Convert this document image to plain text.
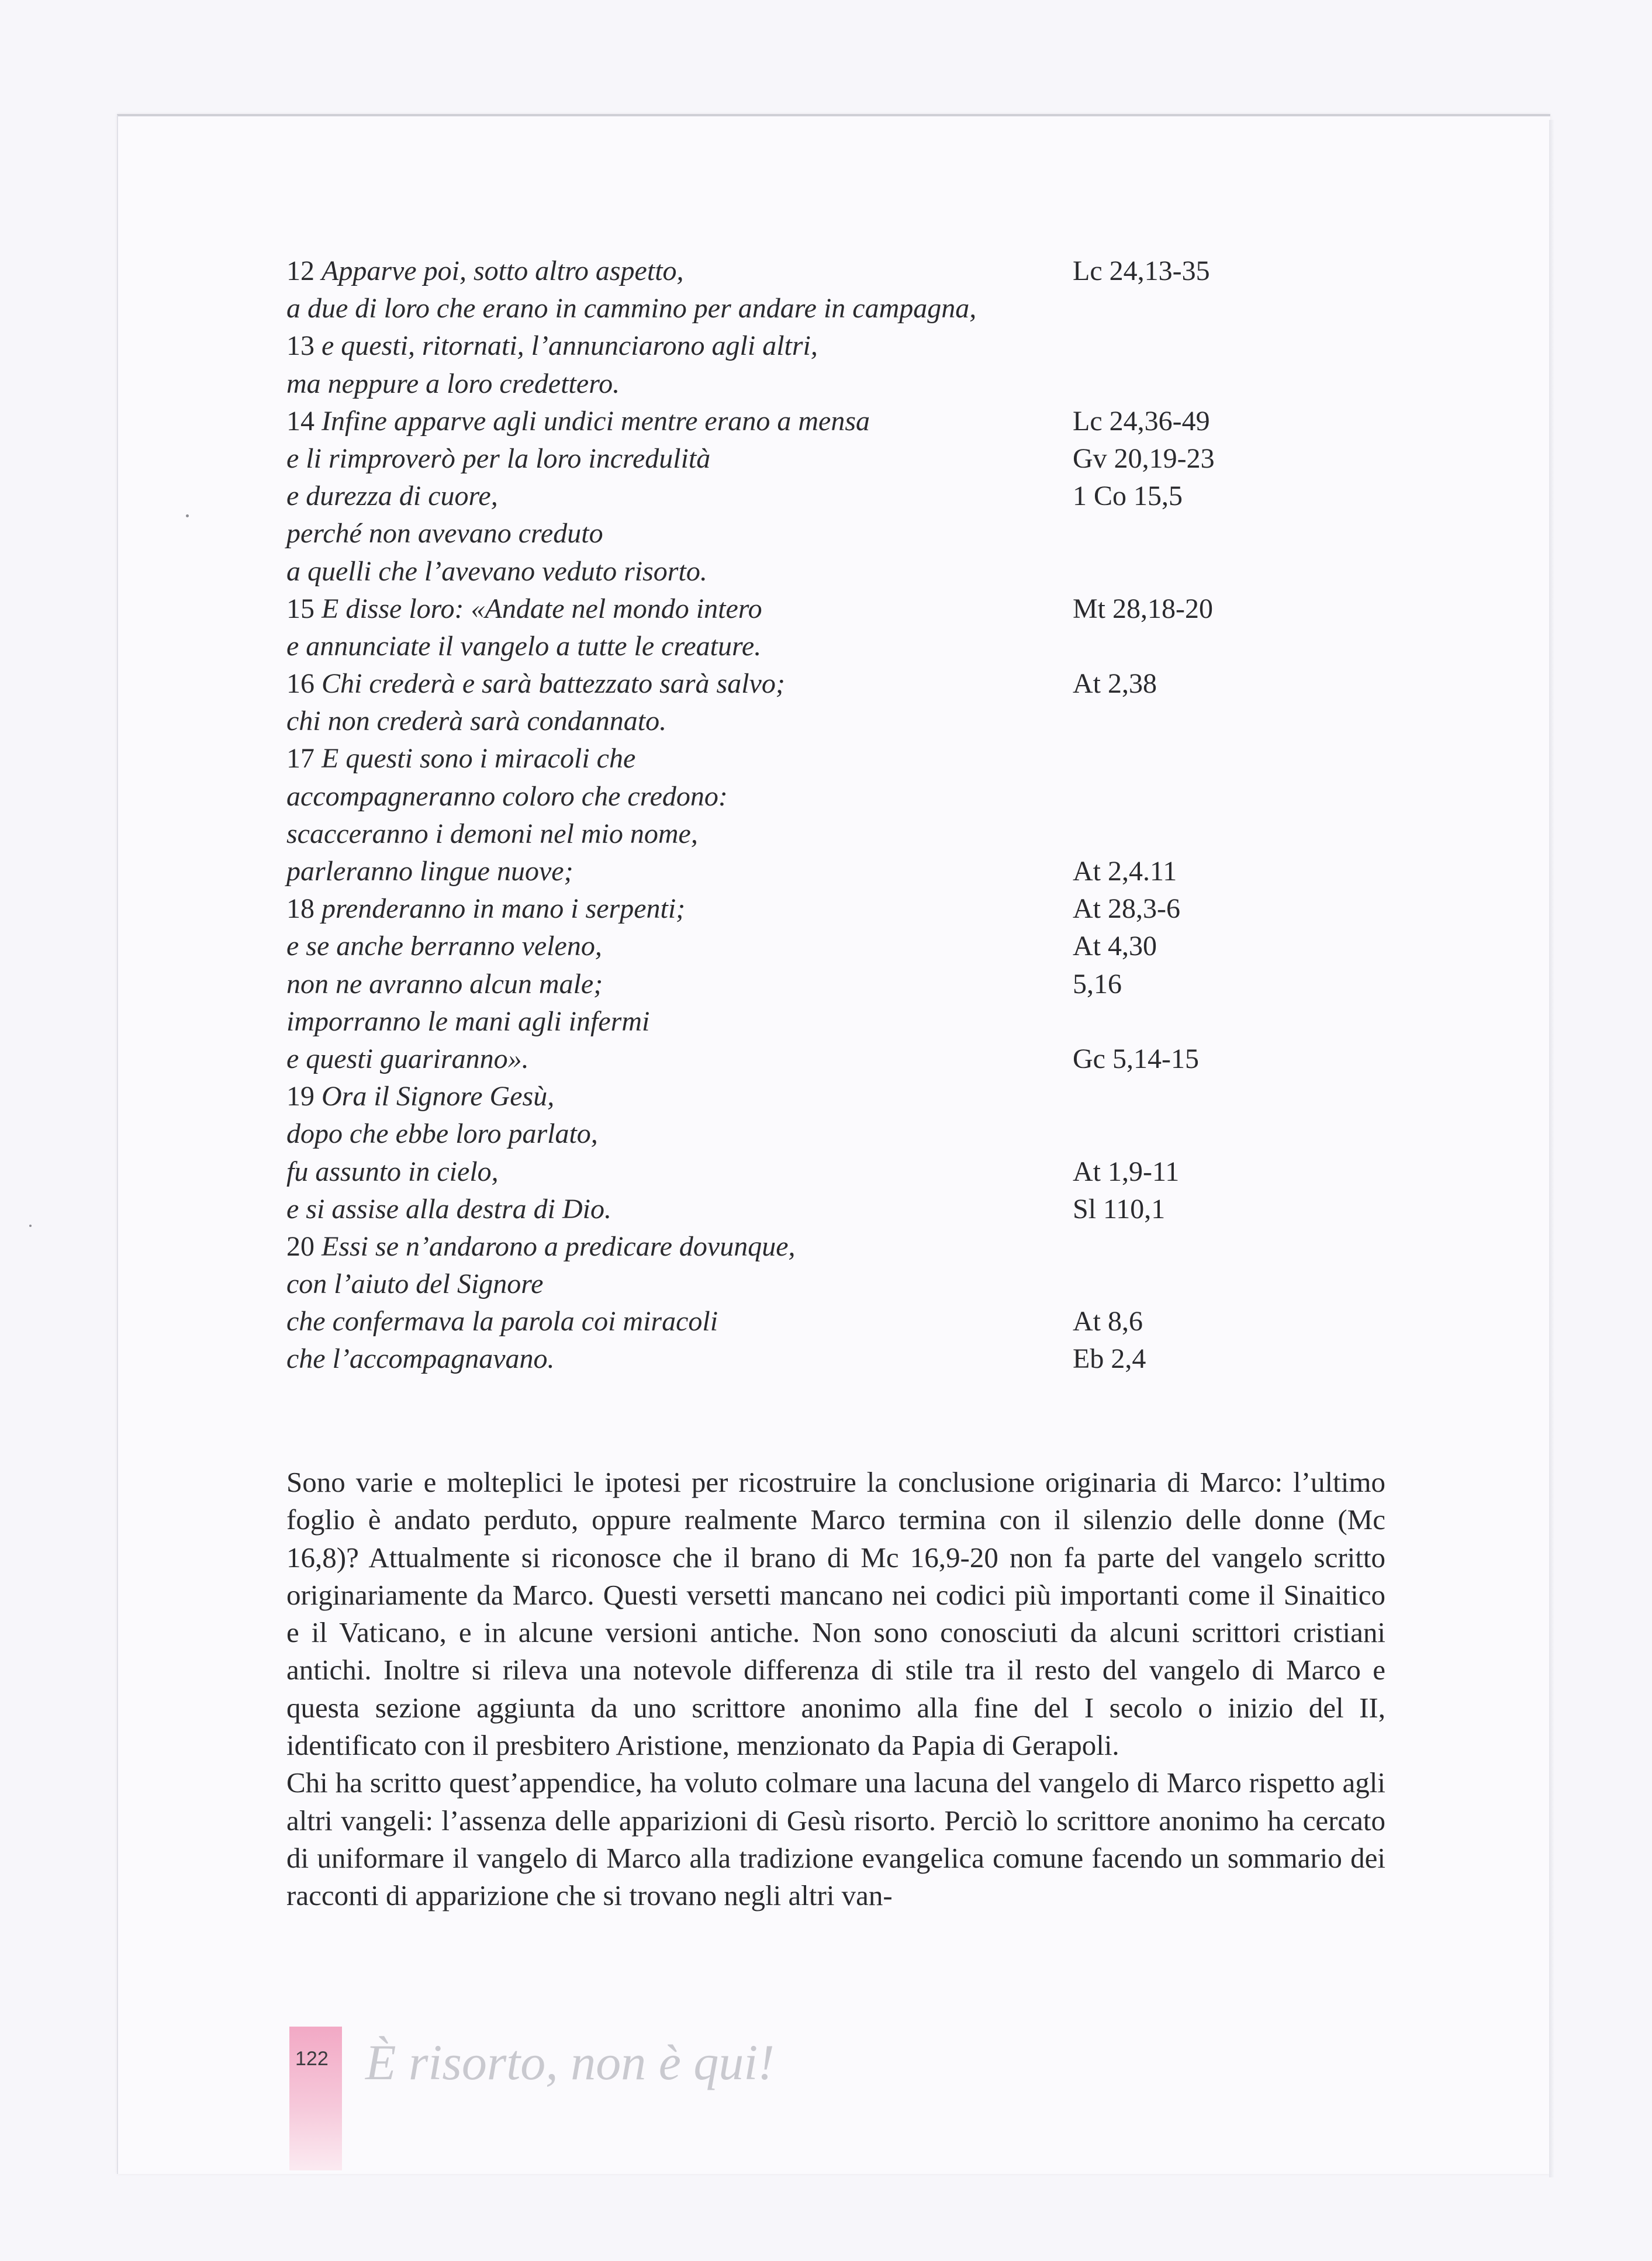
12 Apparve poi, sotto altro aspetto,	Lc 24,13-35
a due di loro che erano in cammino per andare in campagna,
13 e questi, ritornati, l’annunciarono agli altri,
ma neppure a loro credettero.
14 Infine apparve agli undici mentre erano a mensa	Lc 24,36-49
e li rimproverò per la loro incredulità	Gv 20,19-23
e durezza di cuore,	1 Co 15,5
perché non avevano creduto
a quelli che l’avevano veduto risorto.
15 E disse loro: «Andate nel mondo intero	Mt 28,18-20
e annunciate il vangelo a tutte le creature.
16 Chi crederà e sarà battezzato sarà salvo;	At 2,38
chi non crederà sarà condannato.
17 E questi sono i miracoli che
accompagneranno coloro che credono:
scacceranno i demoni nel mio nome,
parleranno lingue nuove;	At 2,4.11
18 prenderanno in mano i serpenti;	At 28,3-6
e se anche berranno veleno,	At 4,30
non ne avranno alcun male;	5,16
imporranno le mani agli infermi
e questi guariranno».	Gc 5,14-15
19 Ora il Signore Gesù,
dopo che ebbe loro parlato,
fu assunto in cielo,	At 1,9-11
e si assise alla destra di Dio.	Sl 110,1
20 Essi se n’andarono a predicare dovunque,
con l’aiuto del Signore
che confermava la parola coi miracoli	At 8,6
che l’accompagnavano.	Eb 2,4

Sono varie e molteplici le ipotesi per ricostruire la conclusione originaria di Marco: l’ultimo foglio è andato perduto, oppure realmente Marco termina con il silenzio delle donne (Mc 16,8)? Attualmente si riconosce che il brano di Mc 16,9-20 non fa parte del vangelo scritto originariamente da Marco. Questi versetti mancano nei codici più importanti come il Sinaitico e il Vaticano, e in alcune versioni antiche. Non sono conosciuti da alcuni scrittori cristiani antichi. Inoltre si rileva una notevole differenza di stile tra il resto del vangelo di Marco e questa sezione aggiunta da uno scrittore anonimo alla fine del I secolo o inizio del II, identificato con il presbitero Aristione, menzionato da Papia di Gerapoli.

Chi ha scritto quest’appendice, ha voluto colmare una lacuna del vangelo di Marco rispetto agli altri vangeli: l’assenza delle apparizioni di Gesù risorto. Perciò lo scrittore anonimo ha cercato di uniformare il vangelo di Marco alla tradizione evangelica comune facendo un sommario dei racconti di apparizione che si trovano negli altri van-

122 È risorto, non è qui!
